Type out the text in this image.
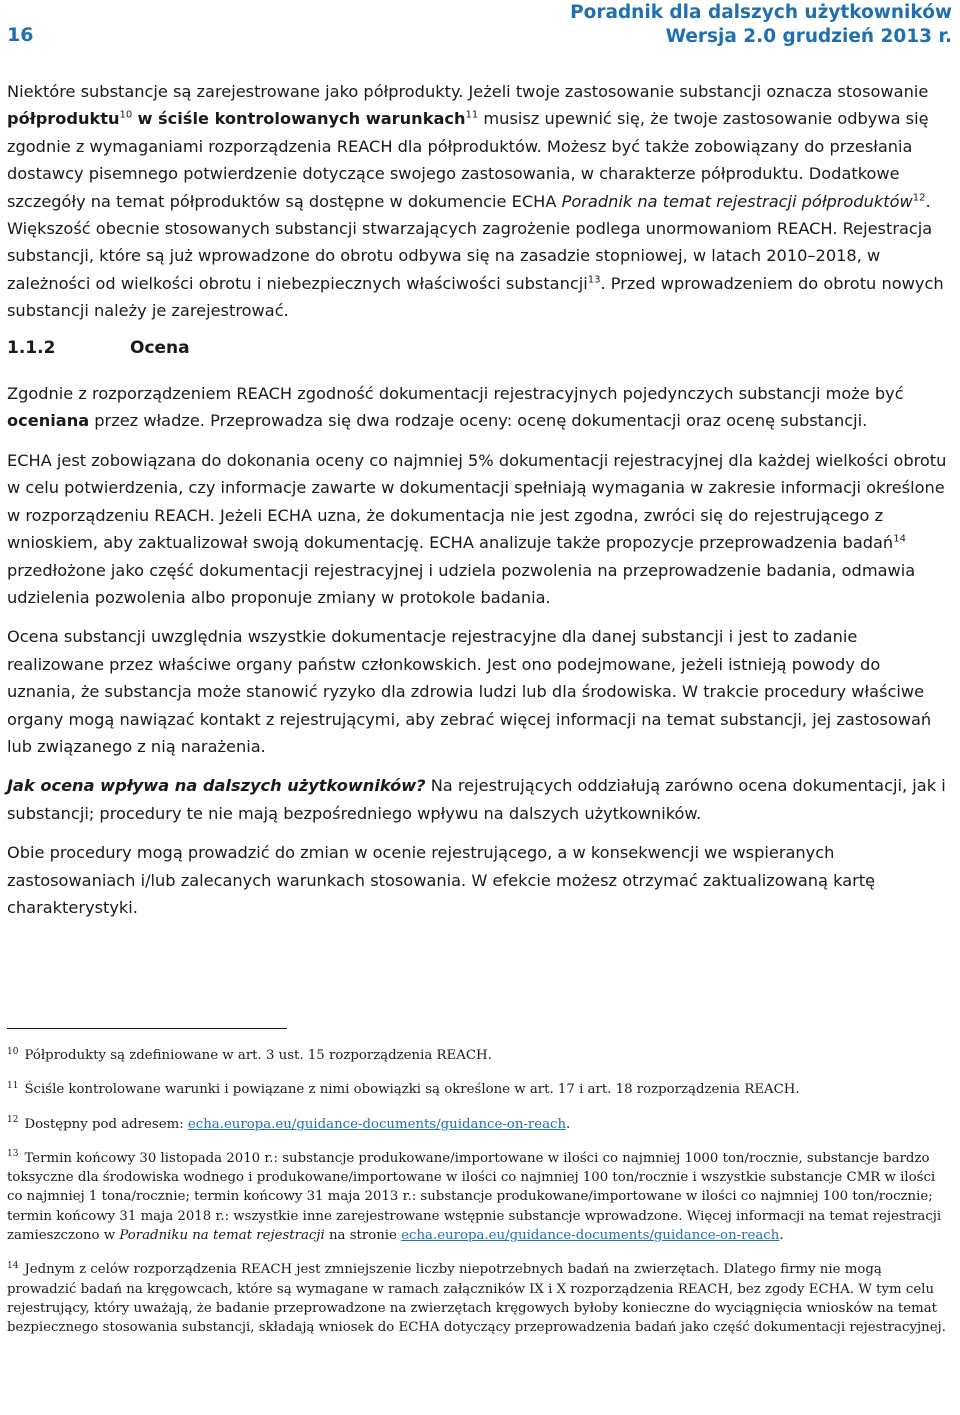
16
Poradnik dla dalszych użytkowników
Wersja 2.0 grudzień 2013 r.

Niektóre substancje są zarejestrowane jako półprodukty. Jeżeli twoje zastosowanie substancji oznacza stosowanie półproduktu$^{10}$ w ściśle kontrolowanych warunkach$^{11}$ musisz upewnić się, że twoje zastosowanie odbywa się zgodnie z wymaganiami rozporządzenia REACH dla półproduktów. Możesz być także zobowiązany do przesłania dostawcy pisemnego potwierdzenie dotyczące swojego zastosowania, w charakterze półproduktu. Dodatkowe szczegóły na temat półproduktów są dostępne w dokumencie ECHA Poradnik na temat rejestracji półproduktów$^{12}$. Większość obecnie stosowanych substancji stwarzających zagrożenie podlega unormowaniom REACH. Rejestracja substancji, które są już wprowadzone do obrotu odbywa się na zasadzie stopniowej, w latach 2010–2018, w zależności od wielkości obrotu i niebezpiecznych właściwości substancji$^{13}$. Przed wprowadzeniem do obrotu nowych substancji należy je zarejestrować.

1.1.2	Ocena

Zgodnie z rozporządzeniem REACH zgodność dokumentacji rejestracyjnych pojedynczych substancji może być oceniana przez władze. Przeprowadza się dwa rodzaje oceny: ocenę dokumentacji oraz ocenę substancji.

ECHA jest zobowiązana do dokonania oceny co najmniej 5% dokumentacji rejestracyjnej dla każdej wielkości obrotu w celu potwierdzenia, czy informacje zawarte w dokumentacji spełniają wymagania w zakresie informacji określone w rozporządzeniu REACH. Jeżeli ECHA uzna, że dokumentacja nie jest zgodna, zwróci się do rejestrującego z wnioskiem, aby zaktualizował swoją dokumentację. ECHA analizuje także propozycje przeprowadzenia badań$^{14}$ przedłożone jako część dokumentacji rejestracyjnej i udziela pozwolenia na przeprowadzenie badania, odmawia udzielenia pozwolenia albo proponuje zmiany w protokole badania.

Ocena substancji uwzględnia wszystkie dokumentacje rejestracyjne dla danej substancji i jest to zadanie realizowane przez właściwe organy państw członkowskich. Jest ono podejmowane, jeżeli istnieją powody do uznania, że substancja może stanowić ryzyko dla zdrowia ludzi lub dla środowiska. W trakcie procedury właściwe organy mogą nawiązać kontakt z rejestrującymi, aby zebrać więcej informacji na temat substancji, jej zastosowań lub związanego z nią narażenia.

Jak ocena wpływa na dalszych użytkowników? Na rejestrujących oddziałują zarówno ocena dokumentacji, jak i substancji; procedury te nie mają bezpośredniego wpływu na dalszych użytkowników.

Obie procedury mogą prowadzić do zmian w ocenie rejestrującego, a w konsekwencji we wspieranych zastosowaniach i/lub zalecanych warunkach stosowania. W efekcie możesz otrzymać zaktualizowaną kartę charakterystyki.

$^{10}$ Półprodukty są zdefiniowane w art. 3 ust. 15 rozporządzenia REACH.

$^{11}$ Ściśle kontrolowane warunki i powiązane z nimi obowiązki są określone w art. 17 i art. 18 rozporządzenia REACH.

$^{12}$ Dostępny pod adresem: echa.europa.eu/guidance-documents/guidance-on-reach.

$^{13}$ Termin końcowy 30 listopada 2010 r.: substancje produkowane/importowane w ilości co najmniej 1000 ton/rocznie, substancje bardzo toksyczne dla środowiska wodnego i produkowane/importowane w ilości co najmniej 100 ton/rocznie i wszystkie substancje CMR w ilości co najmniej 1 tona/rocznie; termin końcowy 31 maja 2013 r.: substancje produkowane/importowane w ilości co najmniej 100 ton/rocznie; termin końcowy 31 maja 2018 r.: wszystkie inne zarejestrowane wstępnie substancje wprowadzone. Więcej informacji na temat rejestracji zamieszczono w Poradniku na temat rejestracji na stronie echa.europa.eu/guidance-documents/guidance-on-reach.

$^{14}$ Jednym z celów rozporządzenia REACH jest zmniejszenie liczby niepotrzebnych badań na zwierzętach. Dlatego firmy nie mogą prowadzić badań na kręgowcach, które są wymagane w ramach załączników IX i X rozporządzenia REACH, bez zgody ECHA. W tym celu rejestrujący, który uważają, że badanie przeprowadzone na zwierzętach kręgowych byłoby konieczne do wyciągnięcia wniosków na temat bezpiecznego stosowania substancji, składają wniosek do ECHA dotyczący przeprowadzenia badań jako część dokumentacji rejestracyjnej.
